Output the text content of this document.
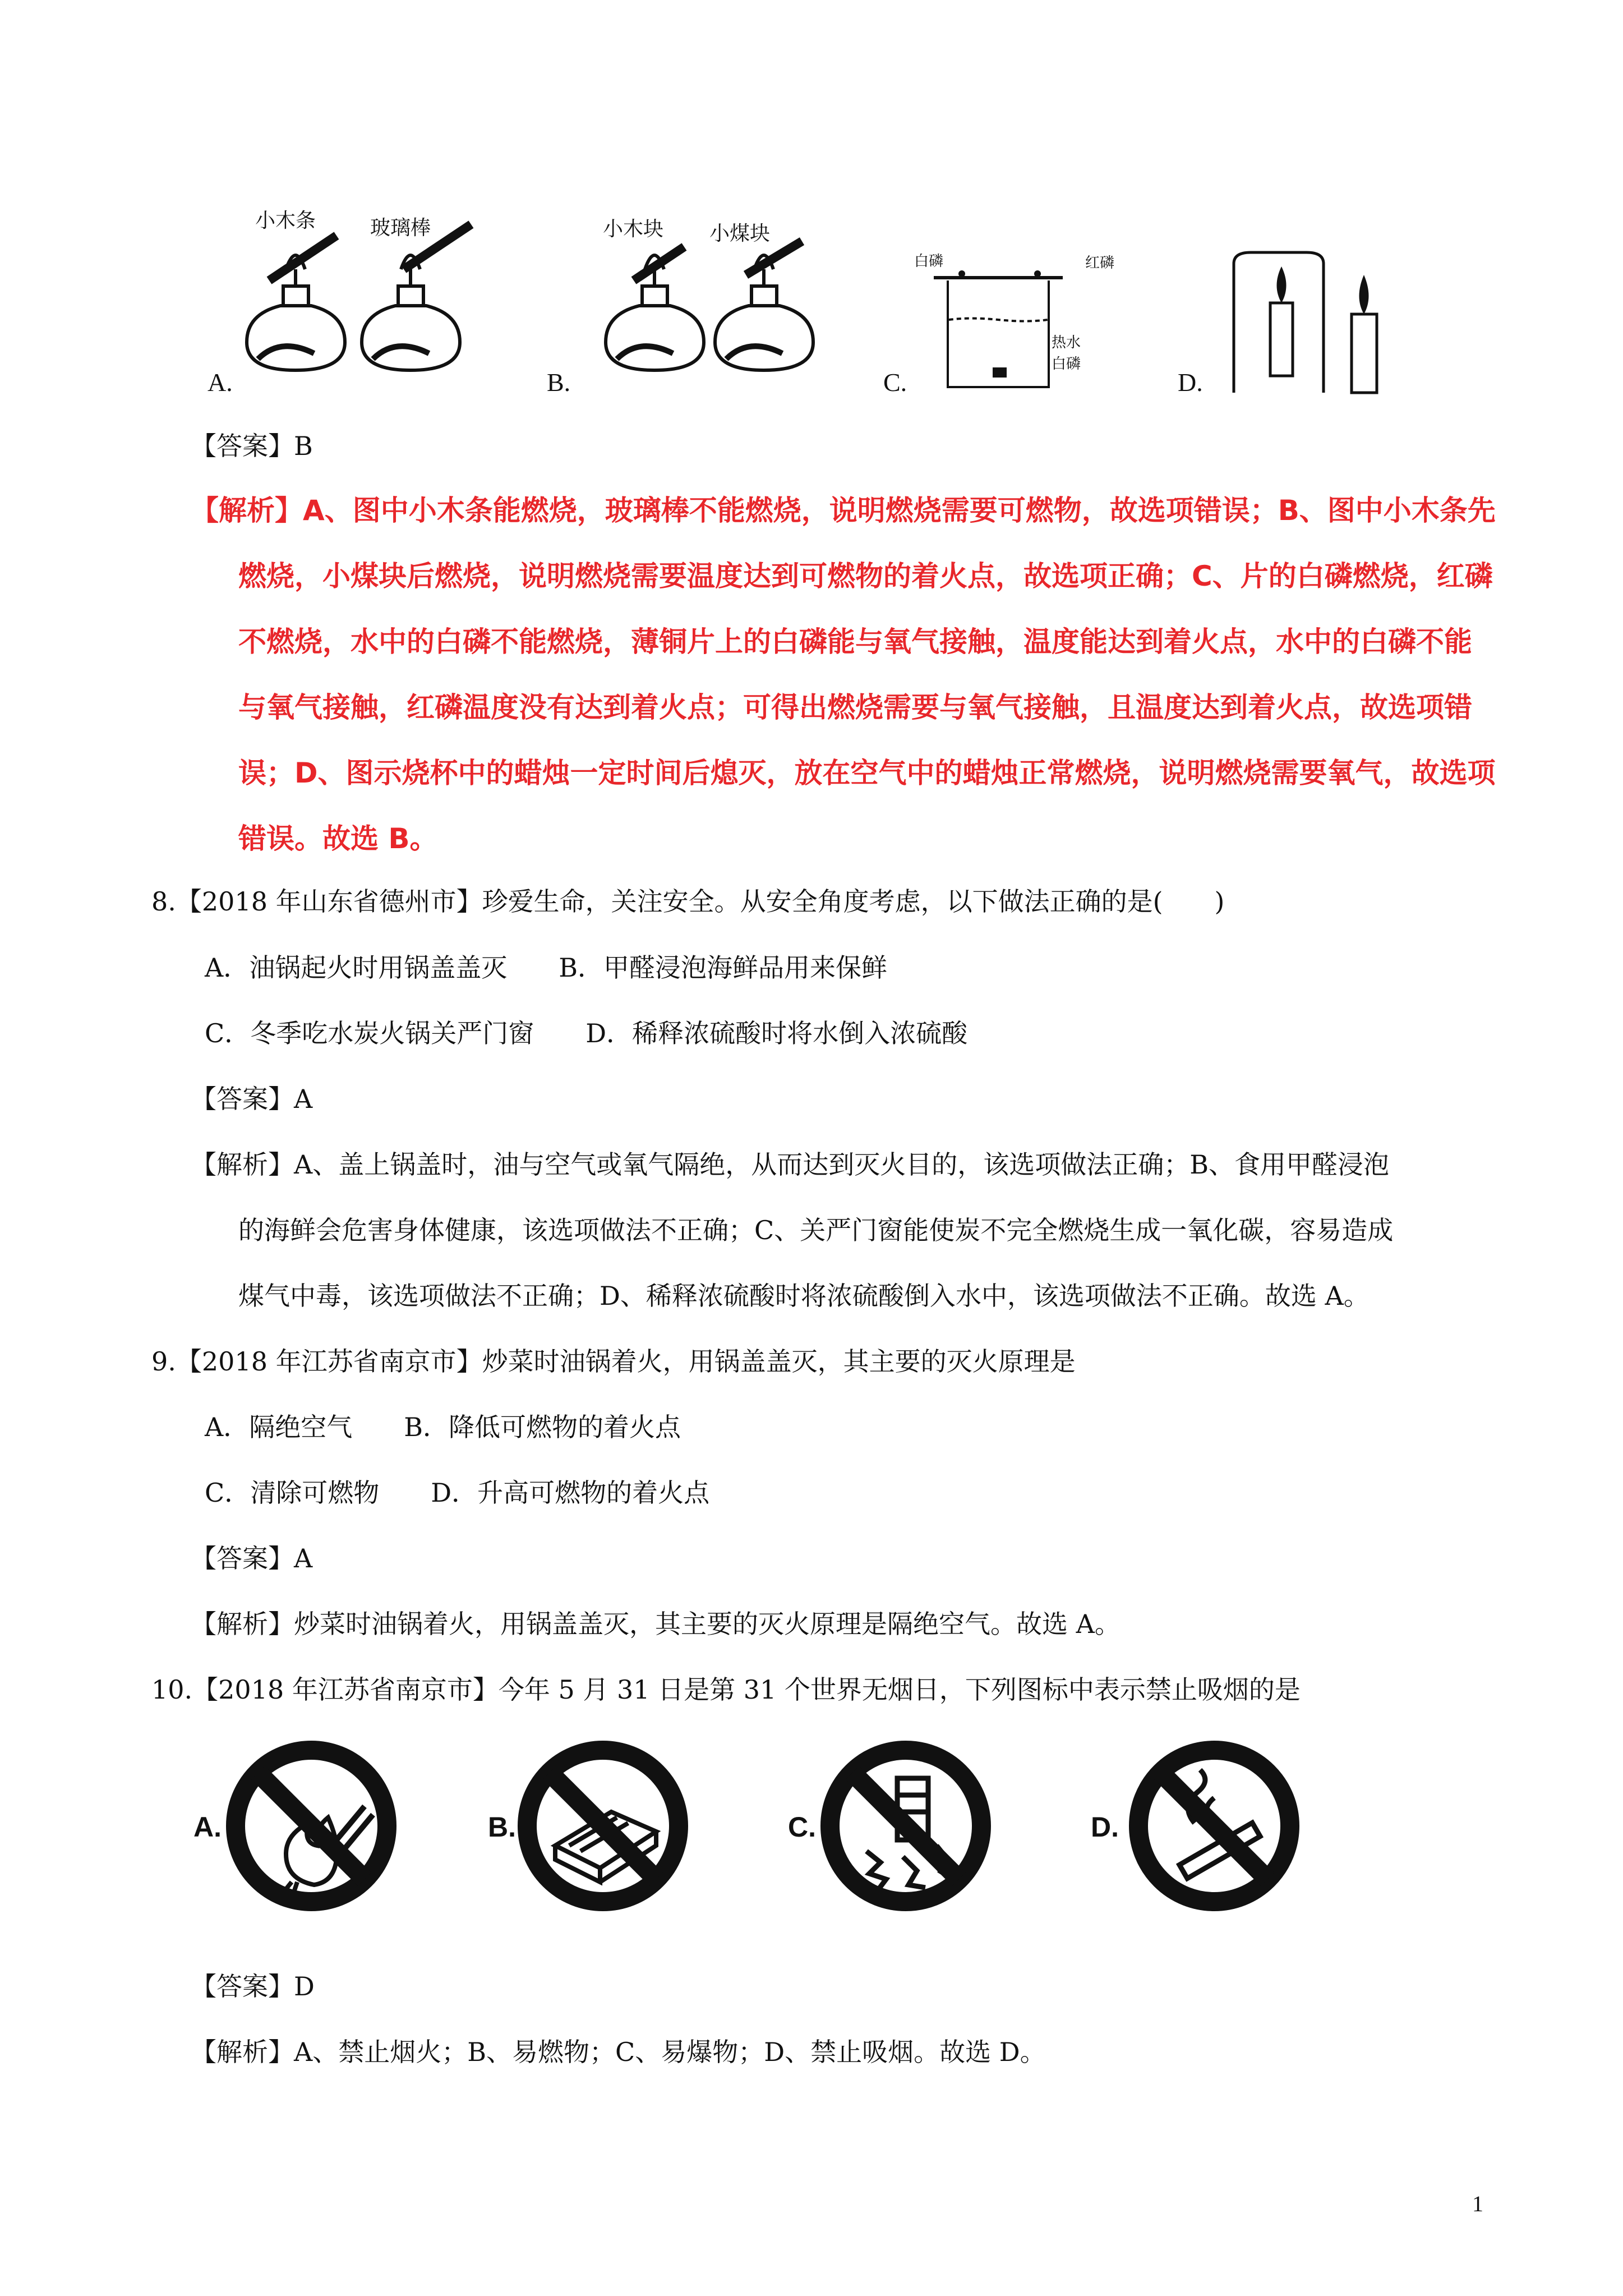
小木条	玻璃棒
A.
小木块 小煤块
B.
白磷	红磷
热水
白磷
C.	D.
【答案】B
【解析】A、图中小木条能燃烧，玻璃棒不能燃烧，说明燃烧需要可燃物，故选项错误；B、图中小木条先
燃烧，小煤块后燃烧，说明燃烧需要温度达到可燃物的着火点，故选项正确；C、片的白磷燃烧，红磷
不燃烧，水中的白磷不能燃烧，薄铜片上的白磷能与氧气接触，温度能达到着火点，水中的白磷不能
与氧气接触，红磷温度没有达到着火点；可得出燃烧需要与氧气接触，且温度达到着火点，故选项错
误；D、图示烧杯中的蜡烛一定时间后熄灭，放在空气中的蜡烛正常燃烧，说明燃烧需要氧气，故选项
错误。故选 B。
8.【2018 年山东省德州市】珍爱生命，关注安全。从安全角度考虑，以下做法正确的是(　　)
A．油锅起火时用锅盖盖灭　　B．甲醛浸泡海鲜品用来保鲜
C．冬季吃水炭火锅关严门窗　　D．稀释浓硫酸时将水倒入浓硫酸
【答案】A
【解析】A、盖上锅盖时，油与空气或氧气隔绝，从而达到灭火目的，该选项做法正确；B、食用甲醛浸泡
的海鲜会危害身体健康，该选项做法不正确；C、关严门窗能使炭不完全燃烧生成一氧化碳，容易造成
煤气中毒，该选项做法不正确；D、稀释浓硫酸时将浓硫酸倒入水中，该选项做法不正确。故选 A。
9.【2018 年江苏省南京市】炒菜时油锅着火，用锅盖盖灭，其主要的灭火原理是
A．隔绝空气　　B．降低可燃物的着火点
C．清除可燃物　　D．升高可燃物的着火点
【答案】A
【解析】炒菜时油锅着火，用锅盖盖灭，其主要的灭火原理是隔绝空气。故选 A。
10.【2018 年江苏省南京市】今年 5 月 31 日是第 31 个世界无烟日，下列图标中表示禁止吸烟的是
A.	B.	C.	D.
【答案】D
【解析】A、禁止烟火；B、易燃物；C、易爆物；D、禁止吸烟。故选 D。
1
